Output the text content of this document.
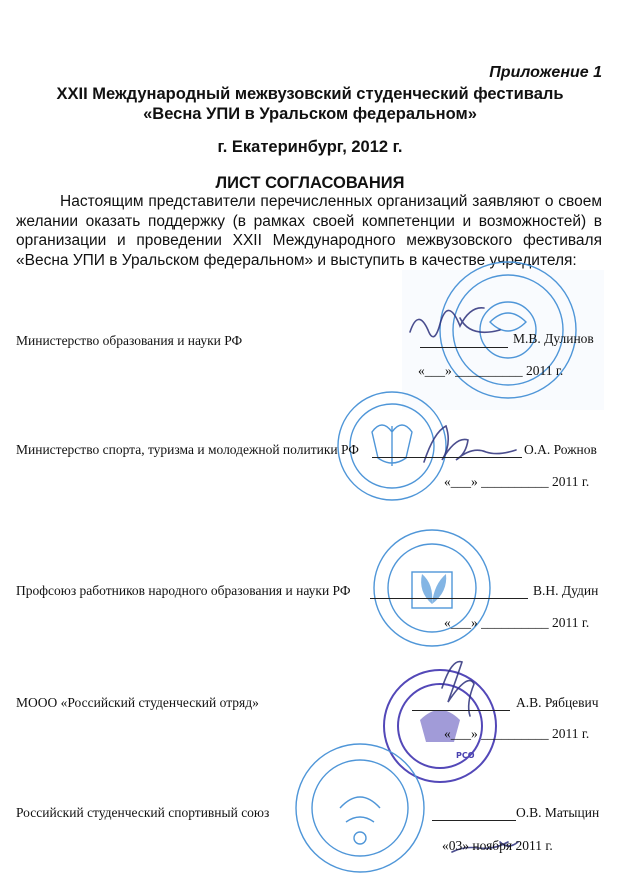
Приложение 1
XXII Международный межвузовский студенческий фестиваль
«Весна УПИ в Уральском федеральном»
г. Екатеринбург, 2012 г.
ЛИСТ СОГЛАСОВАНИЯ
Настоящим представители перечисленных организаций заявляют о своем желании оказать поддержку (в рамках своей компетенции и возможностей) в организации и проведении XXII Международного межвузовского фестиваля «Весна УПИ в Уральском федеральном» и выступить в качестве учредителя:
РСО
Министерство образования и науки РФ	М.В. Дулинов
«___» __________ 2011 г.
Министерство спорта, туризма и молодежной политики РФ	О.А. Рожнов
«___» __________ 2011 г.
Профсоюз работников народного образования и науки РФ	В.Н. Дудин
«___» __________ 2011 г.
МООО «Российский студенческий отряд»	А.В. Рябцевич
«___» __________ 2011 г.
Российский студенческий спортивный союз	О.В. Матыцин
«03» ноября 2011 г.
